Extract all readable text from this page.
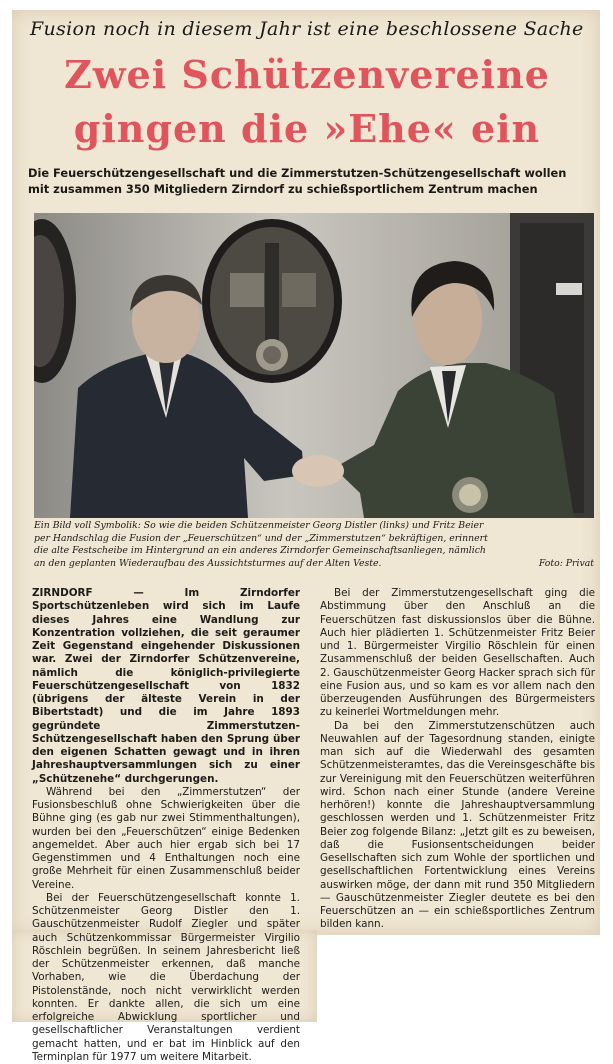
Fusion noch in diesem Jahr ist eine beschlossene Sache
Zwei Schützenvereine
gingen die »Ehe« ein
Die Feuerschützengesellschaft und die Zimmerstutzen-Schützengesellschaft wollen
mit zusammen 350 Mitgliedern Zirndorf zu schießsportlichem Zentrum machen
Ein Bild voll Symbolik: So wie die beiden Schützenmeister Georg Distler (links) und Fritz Beier
per Handschlag die Fusion der „Feuerschützen“ und der „Zimmerstutzen“ bekräftigen, erinnert
die alte Festscheibe im Hintergrund an ein anderes Zirndorfer Gemeinschaftsanliegen, nämlich
an den geplanten Wiederaufbau des Aussichtsturmes auf der Alten Veste.	Foto: Privat

ZIRNDORF — Im Zirndorfer Sportschützenleben wird sich im Laufe dieses Jahres eine Wandlung zur Konzentration vollziehen, die seit geraumer Zeit Gegenstand eingehender Diskussionen war. Zwei der Zirndorfer Schützenvereine, nämlich die königlich-privilegierte Feuerschützengesellschaft von 1832 (übrigens der älteste Verein in der Bibertstadt) und die im Jahre 1893 gegründete Zimmerstutzen-Schützengesellschaft haben den Sprung über den eigenen Schatten gewagt und in ihren Jahreshauptversammlungen sich zu einer „Schützenehe“ durchgerungen.

Während bei den „Zimmerstutzen“ der Fusionsbeschluß ohne Schwierigkeiten über die Bühne ging (es gab nur zwei Stimmenthaltungen), wurden bei den „Feuerschützen“ einige Bedenken angemeldet. Aber auch hier ergab sich bei 17 Gegenstimmen und 4 Enthaltungen noch eine große Mehrheit für einen Zusammenschluß beider Vereine.

Bei der Feuerschützengesellschaft konnte 1. Schützenmeister Georg Distler den 1. Gauschützenmeister Rudolf Ziegler und später auch Schützenkommissar Bürgermeister Virgilio Röschlein begrüßen. In seinem Jahresbericht ließ der Schützenmeister erkennen, daß manche Vorhaben, wie die Überdachung der Pistolenstände, noch nicht verwirklicht werden konnten. Er dankte allen, die sich um eine erfolgreiche Abwicklung sportlicher und gesellschaftlicher Veranstaltungen verdient gemacht hatten, und er bat im Hinblick auf den Terminplan für 1977 um weitere Mitarbeit.

Bei der Zimmerstutzengesellschaft ging die Abstimmung über den Anschluß an die Feuerschützen fast diskussionslos über die Bühne. Auch hier plädierten 1. Schützenmeister Fritz Beier und 1. Bürgermeister Virgilio Röschlein für einen Zusammenschluß der beiden Gesellschaften. Auch 2. Gauschützenmeister Georg Hacker sprach sich für eine Fusion aus, und so kam es vor allem nach den überzeugenden Ausführungen des Bürgermeisters zu keinerlei Wortmeldungen mehr.

Da bei den Zimmerstutzenschützen auch Neuwahlen auf der Tagesordnung standen, einigte man sich auf die Wiederwahl des gesamten Schützenmeisteramtes, das die Vereinsgeschäfte bis zur Vereinigung mit den Feuerschützen weiterführen wird. Schon nach einer Stunde (andere Vereine herhören!) konnte die Jahreshauptversammlung geschlossen werden und 1. Schützenmeister Fritz Beier zog folgende Bilanz: „Jetzt gilt es zu beweisen, daß die Fusionsentscheidungen beider Gesellschaften sich zum Wohle der sportlichen und gesellschaftlichen Fortentwicklung eines Vereins auswirken möge, der dann mit rund 350 Mitgliedern — Gauschützenmeister Ziegler deutete es bei den Feuerschützen an — ein schießsportliches Zentrum bilden kann.
